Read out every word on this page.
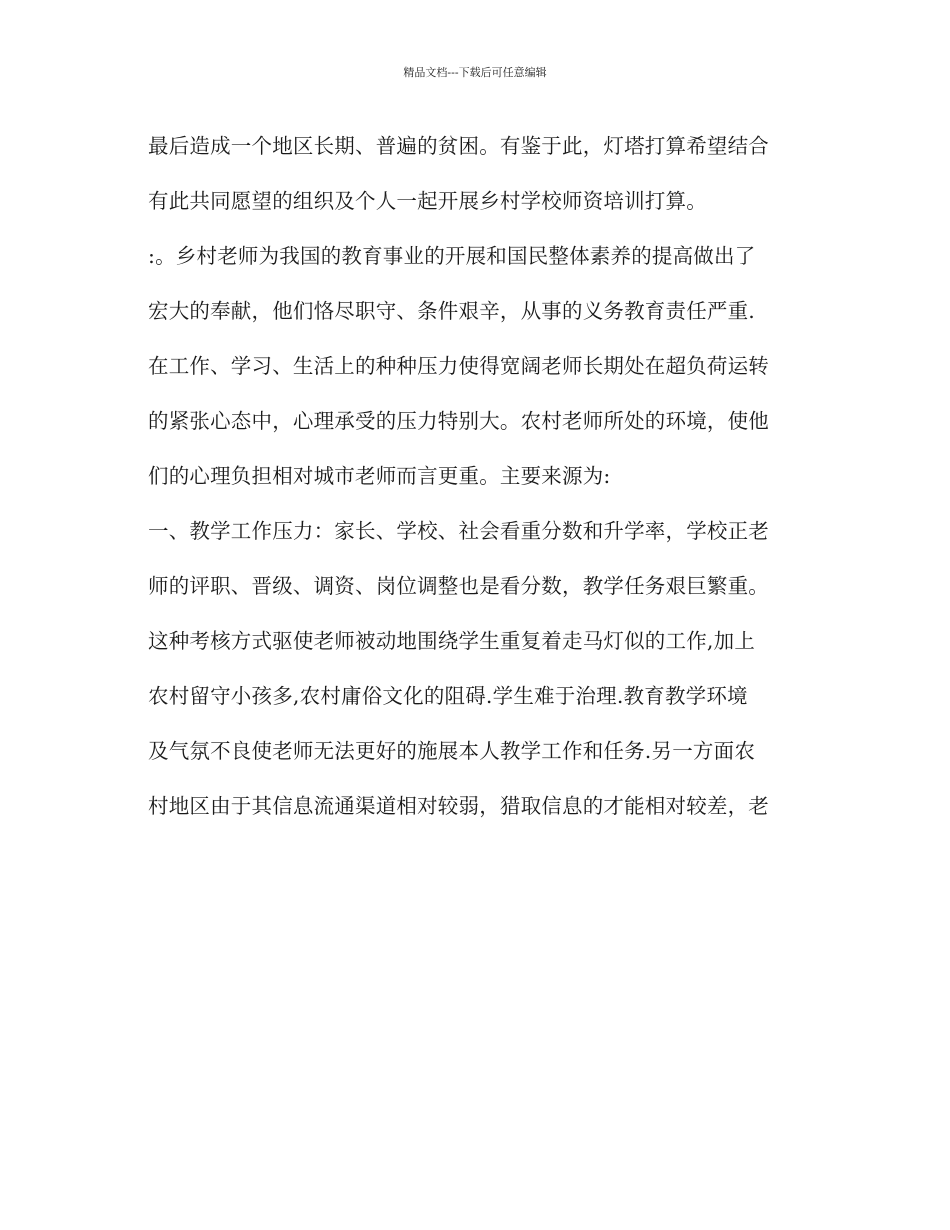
精品文档---下载后可任意编辑
最后造成一个地区长期、普遍的贫困。有鉴于此，灯塔打算希望结合
有此共同愿望的组织及个人一起开展乡村学校师资培训打算。
:。乡村老师为我国的教育事业的开展和国民整体素养的提高做出了
宏大的奉献，他们恪尽职守、条件艰辛，从事的义务教育责任严重.
在工作、学习、生活上的种种压力使得宽阔老师长期处在超负荷运转
的紧张心态中，心理承受的压力特别大。农村老师所处的环境，使他
们的心理负担相对城市老师而言更重。主要来源为:
一、教学工作压力：家长、学校、社会看重分数和升学率，学校正老
师的评职、晋级、调资、岗位调整也是看分数，教学任务艰巨繁重。
这种考核方式驱使老师被动地围绕学生重复着走马灯似的工作,加上
农村留守小孩多,农村庸俗文化的阻碍.学生难于治理.教育教学环境
及气氛不良使老师无法更好的施展本人教学工作和任务.另一方面农
村地区由于其信息流通渠道相对较弱，猎取信息的才能相对较差，老
